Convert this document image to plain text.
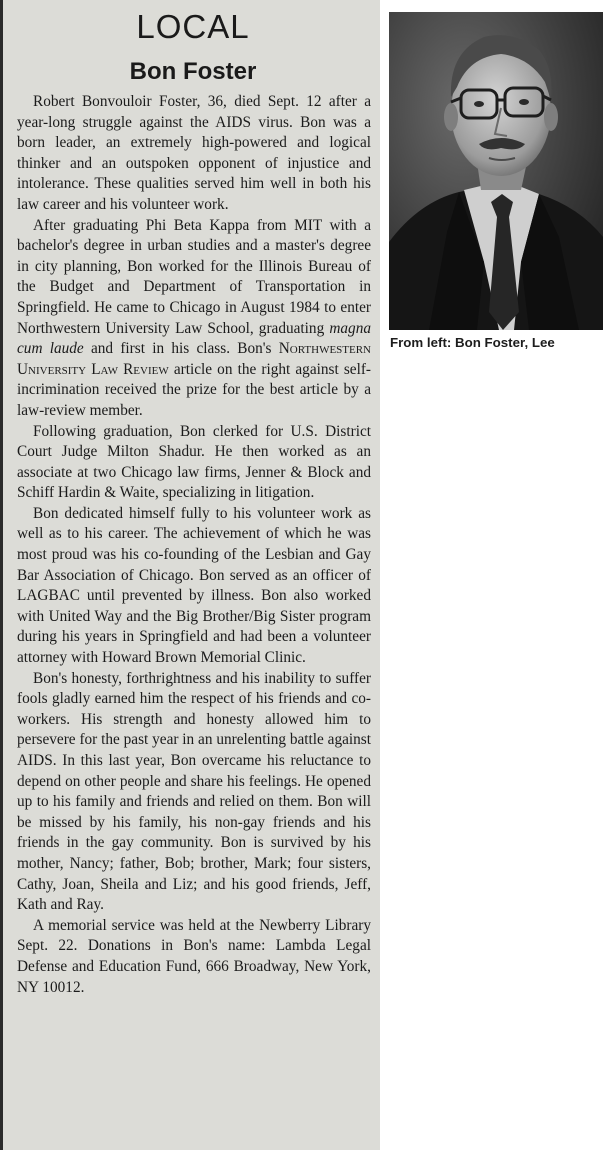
LOCAL
Bon Foster

Robert Bonvouloir Foster, 36, died Sept. 12 after a year-long struggle against the AIDS virus. Bon was a born leader, an extremely high-powered and logical thinker and an outspoken opponent of injustice and intolerance. These qualities served him well in both his law career and his volunteer work.

After graduating Phi Beta Kappa from MIT with a bachelor's degree in urban studies and a master's degree in city planning, Bon worked for the Illinois Bureau of the Budget and Department of Transportation in Springfield. He came to Chicago in August 1984 to enter Northwestern University Law School, graduating magna cum laude and first in his class. Bon's Northwestern University Law Review article on the right against self-incrimination received the prize for the best article by a law-review member.

Following graduation, Bon clerked for U.S. District Court Judge Milton Shadur. He then worked as an associate at two Chicago law firms, Jenner & Block and Schiff Hardin & Waite, specializing in litigation.

Bon dedicated himself fully to his volunteer work as well as to his career. The achievement of which he was most proud was his co-founding of the Lesbian and Gay Bar Association of Chicago. Bon served as an officer of LAGBAC until prevented by illness. Bon also worked with United Way and the Big Brother/Big Sister program during his years in Springfield and had been a volunteer attorney with Howard Brown Memorial Clinic.

Bon's honesty, forthrightness and his inability to suffer fools gladly earned him the respect of his friends and co-workers. His strength and honesty allowed him to persevere for the past year in an unrelenting battle against AIDS. In this last year, Bon overcame his reluctance to depend on other people and share his feelings. He opened up to his family and friends and relied on them. Bon will be missed by his family, his non-gay friends and his friends in the gay community. Bon is survived by his mother, Nancy; father, Bob; brother, Mark; four sisters, Cathy, Joan, Sheila and Liz; and his good friends, Jeff, Kath and Ray.

A memorial service was held at the Newberry Library Sept. 22. Donations in Bon's name: Lambda Legal Defense and Education Fund, 666 Broadway, New York, NY 10012.

From left: Bon Foster, Lee
